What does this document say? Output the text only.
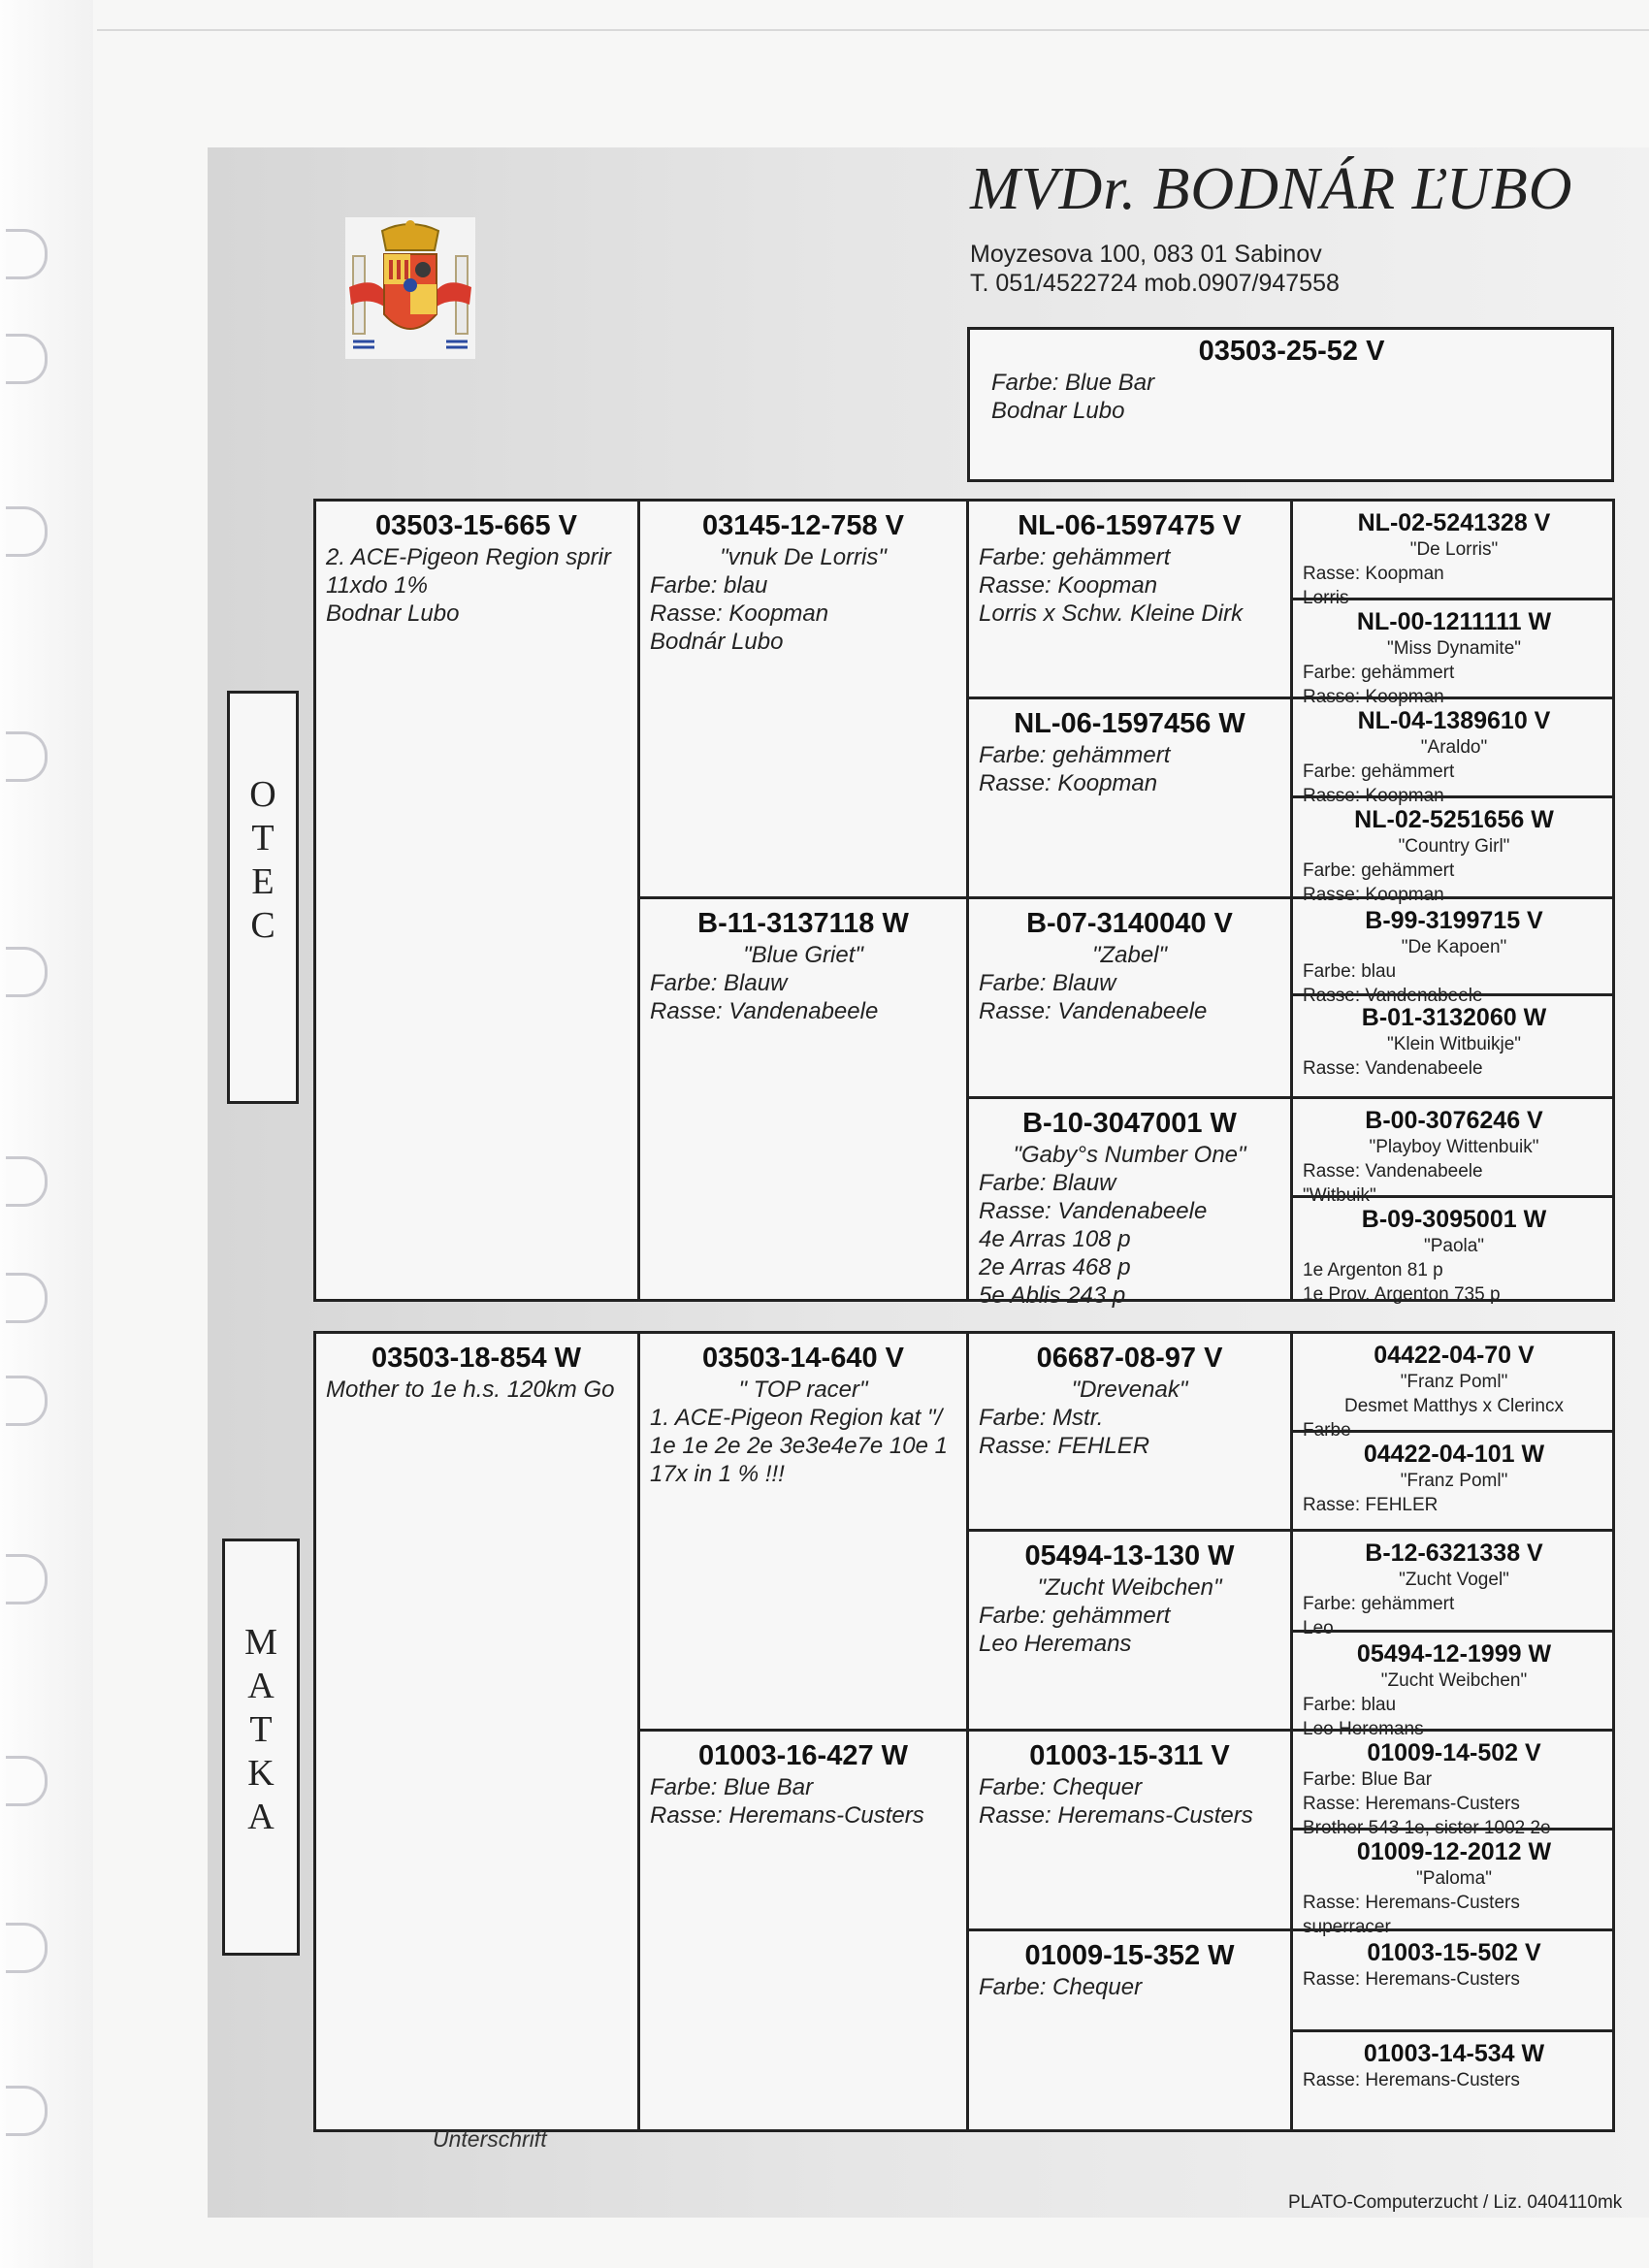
MVDr. BODNÁR ĽUBO
Moyzesova 100, 083 01 Sabinov
T. 051/4522724 mob.0907/947558
03503-25-52 V
Farbe: Blue Bar
Bodnar Lubo
O
T
E
C
M
A
T
K
A
03503-15-665 V
2. ACE-Pigeon Region sprir
11xdo 1%
Bodnar Lubo
03503-18-854 W
Mother to 1e h.s. 120km Go
03145-12-758 V
"vnuk De Lorris"
Farbe: blau
Rasse: Koopman
Bodnár Lubo
B-11-3137118 W
"Blue Griet"
Farbe: Blauw
Rasse: Vandenabeele
03503-14-640 V
" TOP racer"
1. ACE-Pigeon Region kat "/
1e 1e 2e 2e 3e3e4e7e 10e 1
17x in 1 % !!!
01003-16-427 W
Farbe: Blue Bar
Rasse: Heremans-Custers
NL-06-1597475 V
Farbe: gehämmert
Rasse: Koopman
Lorris x Schw. Kleine Dirk
NL-06-1597456 W
Farbe: gehämmert
Rasse: Koopman
B-07-3140040 V
"Zabel"
Farbe: Blauw
Rasse: Vandenabeele
B-10-3047001 W
"Gaby°s Number One"
Farbe: Blauw
Rasse: Vandenabeele
4e Arras 108 p
2e Arras 468 p
5e Ablis 243 p
06687-08-97 V
"Drevenak"
Farbe: Mstr.
Rasse: FEHLER
05494-13-130 W
"Zucht Weibchen"
Farbe: gehämmert
Leo Heremans
01003-15-311 V
Farbe: Chequer
Rasse: Heremans-Custers
01009-15-352 W
Farbe: Chequer
NL-02-5241328 V
"De Lorris"
Rasse: Koopman
Lorris
NL-00-1211111 W
"Miss Dynamite"
Farbe: gehämmert
Rasse: Koopman
NL-04-1389610 V
"Araldo"
Farbe: gehämmert
Rasse: Koopman
NL-02-5251656 W
"Country Girl"
Farbe: gehämmert
Rasse: Koopman
B-99-3199715 V
"De Kapoen"
Farbe: blau
Rasse: Vandenabeele
B-01-3132060 W
"Klein Witbuikje"
Rasse: Vandenabeele
B-00-3076246 V
"Playboy Wittenbuik"
Rasse: Vandenabeele
"Witbuik"
B-09-3095001 W
"Paola"
1e Argenton 81 p
1e Prov. Argenton 735 p
04422-04-70 V
"Franz Poml"
Desmet Matthys x Clerincx
Farbe
04422-04-101 W
"Franz Poml"
Rasse: FEHLER
B-12-6321338 V
"Zucht Vogel"
Farbe: gehämmert
Leo
05494-12-1999 W
"Zucht Weibchen"
Farbe: blau
Leo Heremans
01009-14-502 V
Farbe: Blue Bar
Rasse: Heremans-Custers
Brother 543 1e, sister 1002 2e
01009-12-2012 W
"Paloma"
Rasse: Heremans-Custers
superracer
01003-15-502 V
Rasse: Heremans-Custers
01003-14-534 W
Rasse: Heremans-Custers
Unterschrift
PLATO-Computerzucht / Liz. 0404110mk
